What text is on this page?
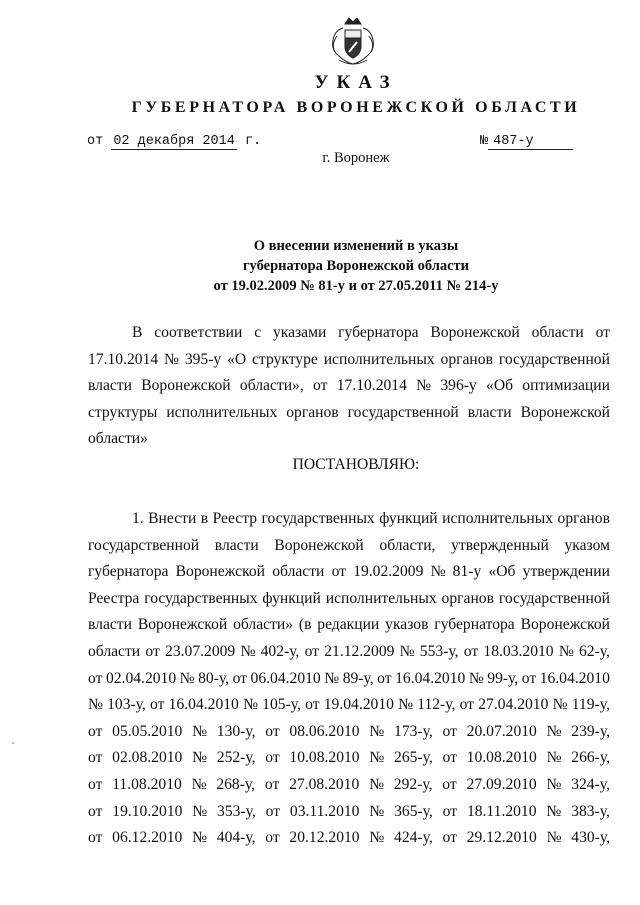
УКАЗ
ГУБЕРНАТОРА ВОРОНЕЖСКОЙ ОБЛАСТИ
от 02 декабря 2014 г.	№ 487-у
г. Воронеж
О внесении изменений в указы
губернатора Воронежской области
от 19.02.2009 № 81-у и от 27.05.2011 № 214-у
В соответствии с указами губернатора Воронежской области от
17.10.2014 № 395-у «О структуре исполнительных органов государственной
власти Воронежской области», от 17.10.2014 № 396-у «Об оптимизации
структуры исполнительных органов государственной власти Воронежской
области»
ПОСТАНОВЛЯЮ:
1. Внести в Реестр государственных функций исполнительных органов
государственной власти Воронежской области, утвержденный указом
губернатора Воронежской области от 19.02.2009 № 81-у «Об утверждении
Реестра государственных функций исполнительных органов государственной
власти Воронежской области» (в редакции указов губернатора Воронежской
области от 23.07.2009 № 402-у, от 21.12.2009 № 553-у, от 18.03.2010 № 62-у,
от 02.04.2010 № 80-у, от 06.04.2010 № 89-у, от 16.04.2010 № 99-у, от 16.04.2010
№ 103-у, от 16.04.2010 № 105-у, от 19.04.2010 № 112-у, от 27.04.2010 № 119-у,
от 05.05.2010 № 130-у, от 08.06.2010 № 173-у, от 20.07.2010 № 239-у,
от 02.08.2010 № 252-у, от 10.08.2010 № 265-у, от 10.08.2010 № 266-у,
от 11.08.2010 № 268-у, от 27.08.2010 № 292-у, от 27.09.2010 № 324-у,
от 19.10.2010 № 353-у, от 03.11.2010 № 365-у, от 18.11.2010 № 383-у,
от 06.12.2010 № 404-у, от 20.12.2010 № 424-у, от 29.12.2010 № 430-у,
